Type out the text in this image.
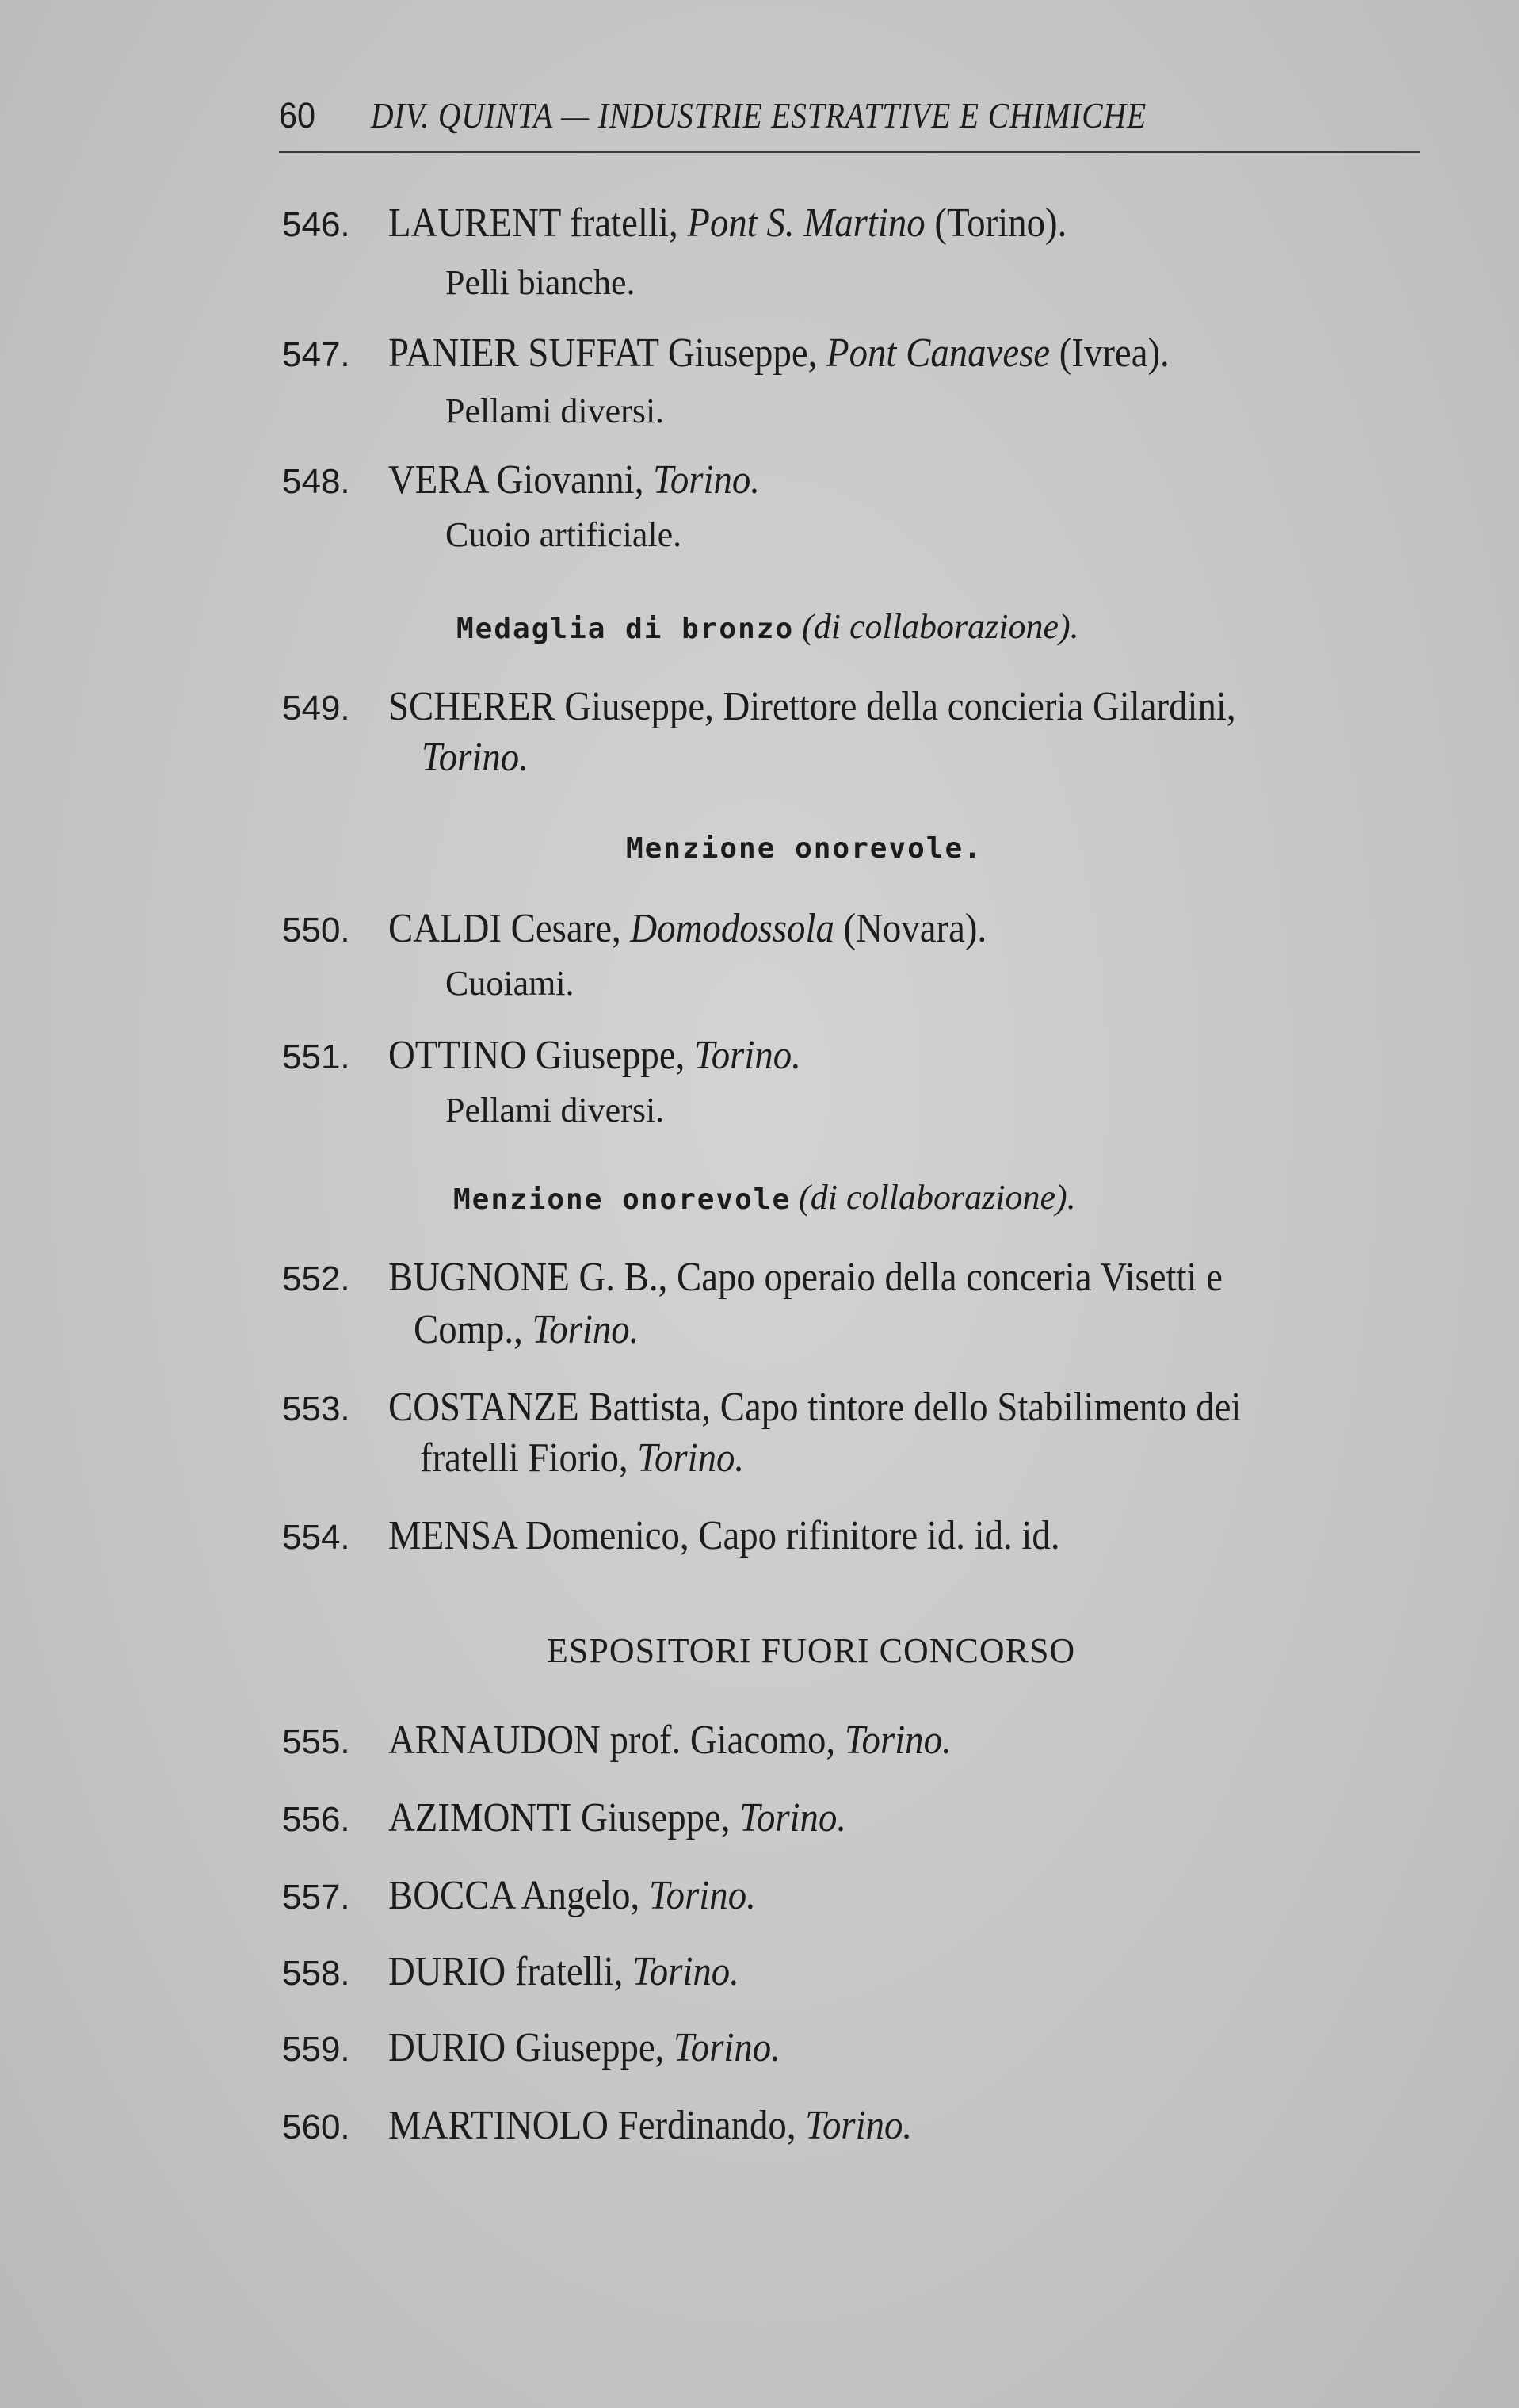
60 DIV. QUINTA — INDUSTRIE ESTRATTIVE E CHIMICHE
546. LAURENT fratelli, Pont S. Martino (Torino).
Pelli bianche.
547. PANIER SUFFAT Giuseppe, Pont Canavese (Ivrea).
Pellami diversi.
548. VERA Giovanni, Torino.
Cuoio artificiale.
Medaglia di bronzo (di collaborazione).
549. SCHERER Giuseppe, Direttore della concieria Gilardini,
Torino.
Menzione onorevole.
550. CALDI Cesare, Domodossola (Novara).
Cuoiami.
551. OTTINO Giuseppe, Torino.
Pellami diversi.
Menzione onorevole (di collaborazione).
552. BUGNONE G. B., Capo operaio della conceria Visetti e
Comp., Torino.
553. COSTANZE Battista, Capo tintore dello Stabilimento dei
fratelli Fiorio, Torino.
554. MENSA Domenico, Capo rifinitore id. id. id.
ESPOSITORI FUORI CONCORSO
555. ARNAUDON prof. Giacomo, Torino.
556. AZIMONTI Giuseppe, Torino.
557. BOCCA Angelo, Torino.
558. DURIO fratelli, Torino.
559. DURIO Giuseppe, Torino.
560. MARTINOLO Ferdinando, Torino.
